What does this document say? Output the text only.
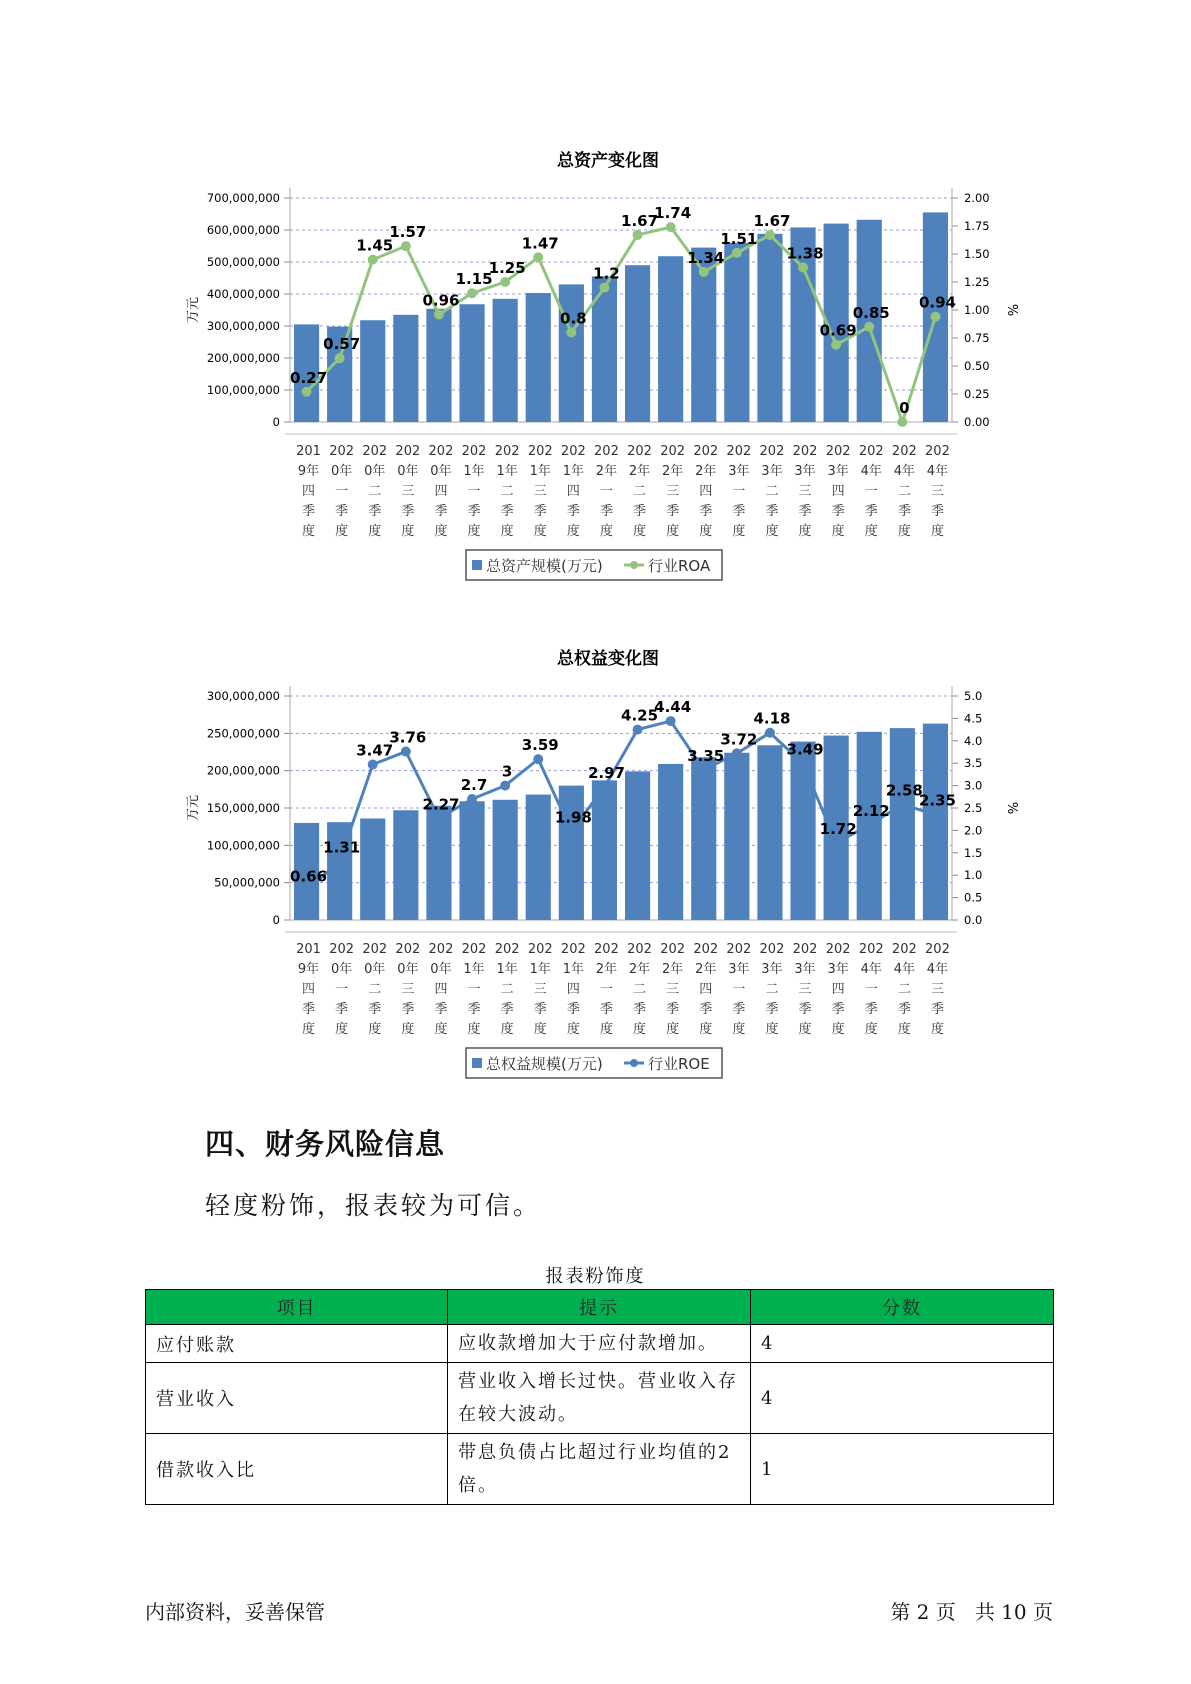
总资产变化图
0
100,000,000
200,000,000
300,000,000
400,000,000
500,000,000
600,000,000
700,000,000
0.00
0.25
0.50
0.75
1.00
1.25
1.50
1.75
2.00
万元	%
0.27
0.57
1.45
1.57
0.96
1.15
1.25
1.47
0.8
1.2
1.67
1.74
1.34
1.51
1.67
1.38
0.69
0.85
0
0.94
201
9年
四
季
度
202
0年
一
季
度
202
0年
二
季
度
202
0年
三
季
度
202
0年
四
季
度
202
1年
一
季
度
202
1年
二
季
度
202
1年
三
季
度
202
1年
四
季
度
202
2年
一
季
度
202
2年
二
季
度
202
2年
三
季
度
202
2年
四
季
度
202
3年
一
季
度
202
3年
二
季
度
202
3年
三
季
度
202
3年
四
季
度
202
4年
一
季
度
202
4年
二
季
度
202
4年
三
季
度
总资产规模(万元)	行业ROA
总权益变化图
0
50,000,000
100,000,000
150,000,000
200,000,000
250,000,000
300,000,000
0.0
0.5
1.0
1.5
2.0
2.5
3.0
3.5
4.0
4.5
5.0
万元	%
0.66
1.31
3.47
3.76
2.27
2.7
3
3.59
1.98
2.97
4.25
4.44
3.35
3.72
4.18
3.49
1.72
2.12
2.58
2.35
201
9年
四
季
度
202
0年
一
季
度
202
0年
二
季
度
202
0年
三
季
度
202
0年
四
季
度
202
1年
一
季
度
202
1年
二
季
度
202
1年
三
季
度
202
1年
四
季
度
202
2年
一
季
度
202
2年
二
季
度
202
2年
三
季
度
202
2年
四
季
度
202
3年
一
季
度
202
3年
二
季
度
202
3年
三
季
度
202
3年
四
季
度
202
4年
一
季
度
202
4年
二
季
度
202
4年
三
季
度
总权益规模(万元)	行业ROE
四、财务风险信息
轻度粉饰，报表较为可信。
报表粉饰度
项目	提示	分数
应付账款	应收款增加大于应付款增加。	4
营业收入	营业收入增长过快。营业收入存在较大波动。	4
借款收入比	带息负债占比超过行业均值的2倍。	1
内部资料，妥善保管	第 2 页   共 10 页
